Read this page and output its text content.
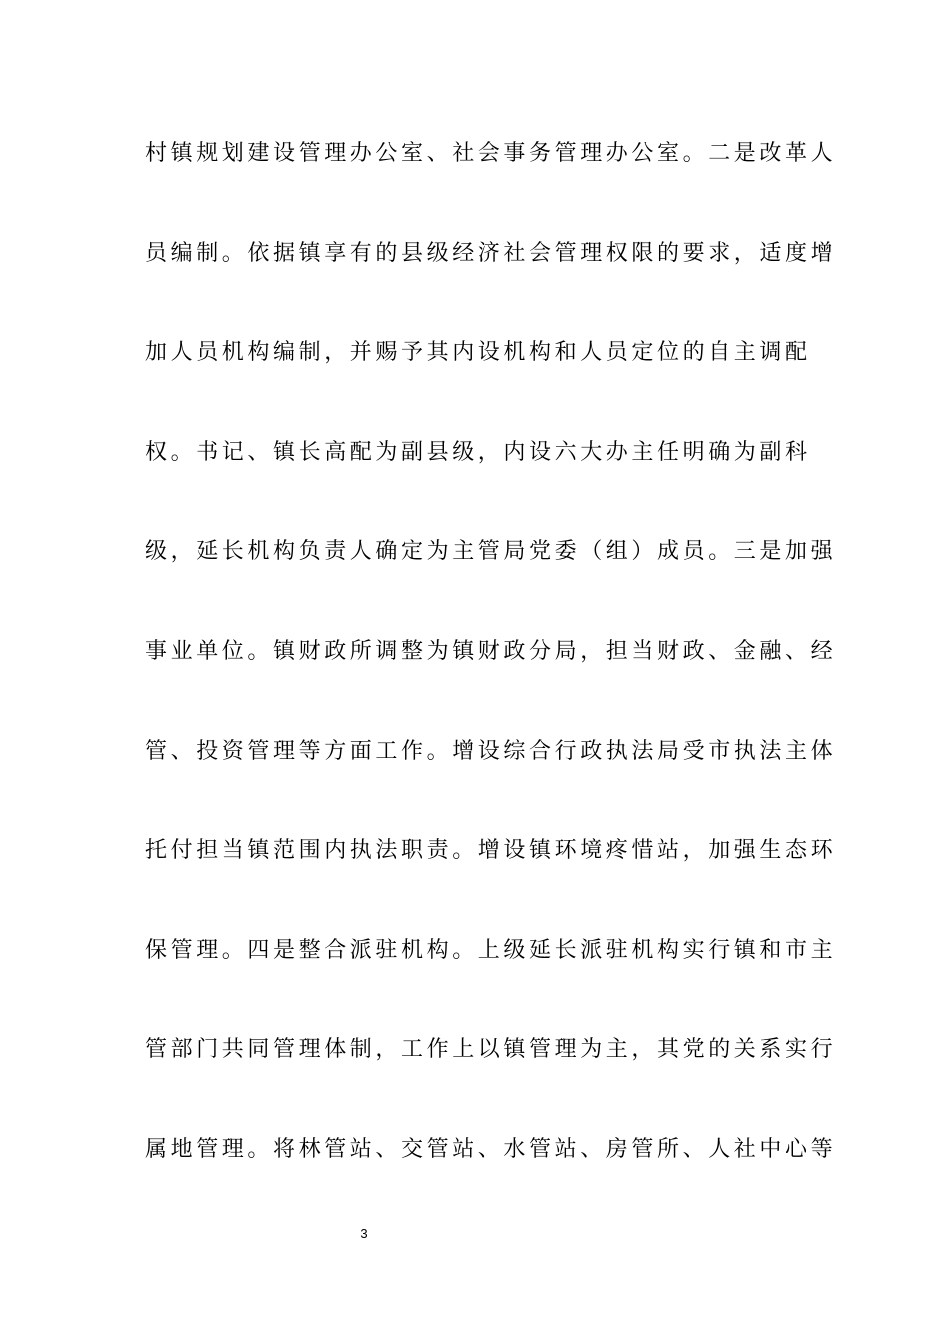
村镇规划建设管理办公室、社会事务管理办公室。二是改革人
员编制。依据镇享有的县级经济社会管理权限的要求，适度增
加人员机构编制，并赐予其内设机构和人员定位的自主调配
权。书记、镇长高配为副县级，内设六大办主任明确为副科
级，延长机构负责人确定为主管局党委（组）成员。三是加强
事业单位。镇财政所调整为镇财政分局，担当财政、金融、经
管、投资管理等方面工作。增设综合行政执法局受市执法主体
托付担当镇范围内执法职责。增设镇环境疼惜站，加强生态环
保管理。四是整合派驻机构。上级延长派驻机构实行镇和市主
管部门共同管理体制，工作上以镇管理为主，其党的关系实行
属地管理。将林管站、交管站、水管站、房管所、人社中心等
3
